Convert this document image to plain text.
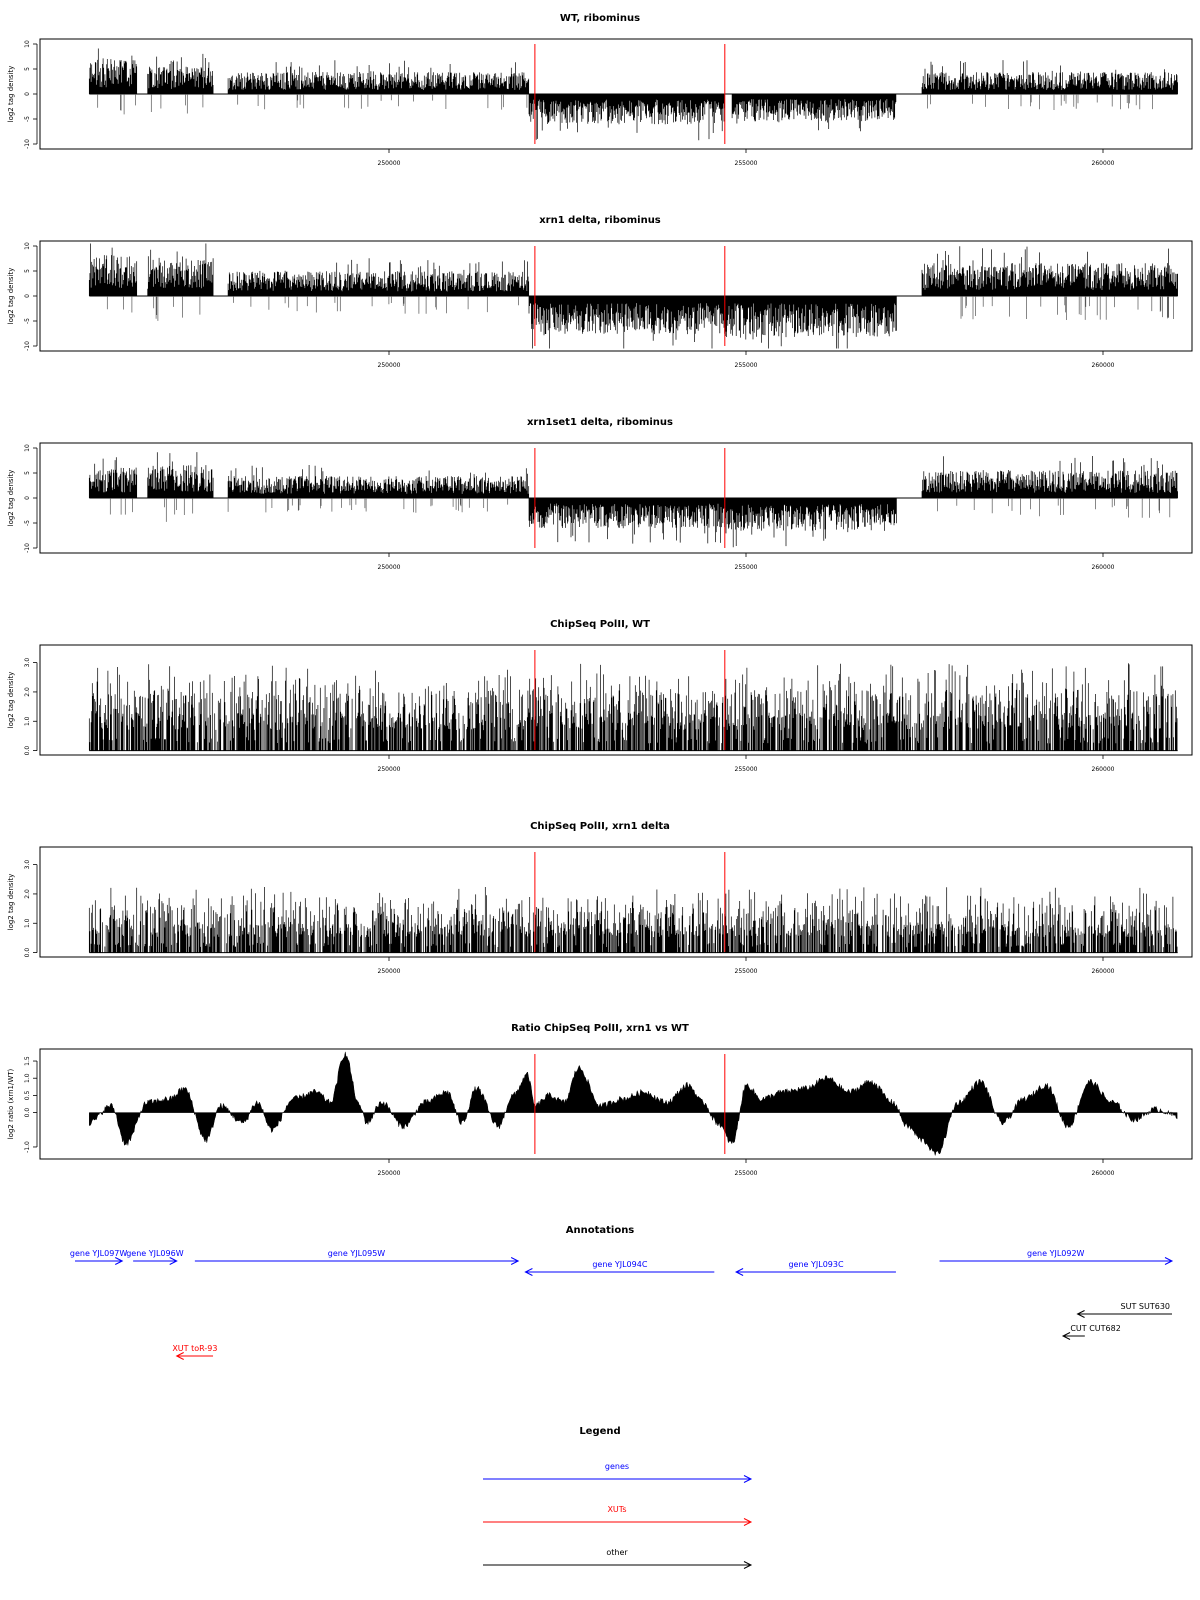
WT, ribominus
-10
-5
0
5
10
log2 tag density
250000	255000	260000
xrn1 delta, ribominus
-10
-5
0
5
10
log2 tag density
250000	255000	260000
xrn1set1 delta, ribominus
-10
-5
0
5
10
log2 tag density
250000	255000	260000
ChipSeq PolII, WT
0.0
1.0
2.0
3.0
log2 tag density
250000	255000	260000
ChipSeq PolII, xrn1 delta
0.0
1.0
2.0
3.0
log2 tag density
250000	255000	260000
Ratio ChipSeq PolII, xrn1 vs WT
-1.0
0.0
0.5
1.0
1.5
log2 ratio (xrn1/WT)
250000	255000	260000
Annotations
gene YJL097W
gene YJL096W	gene YJL095W
gene YJL094C	gene YJL093C
gene YJL092W
SUT SUT630
CUT CUT682
XUT toR-93
Legend
genes
XUTs
other
